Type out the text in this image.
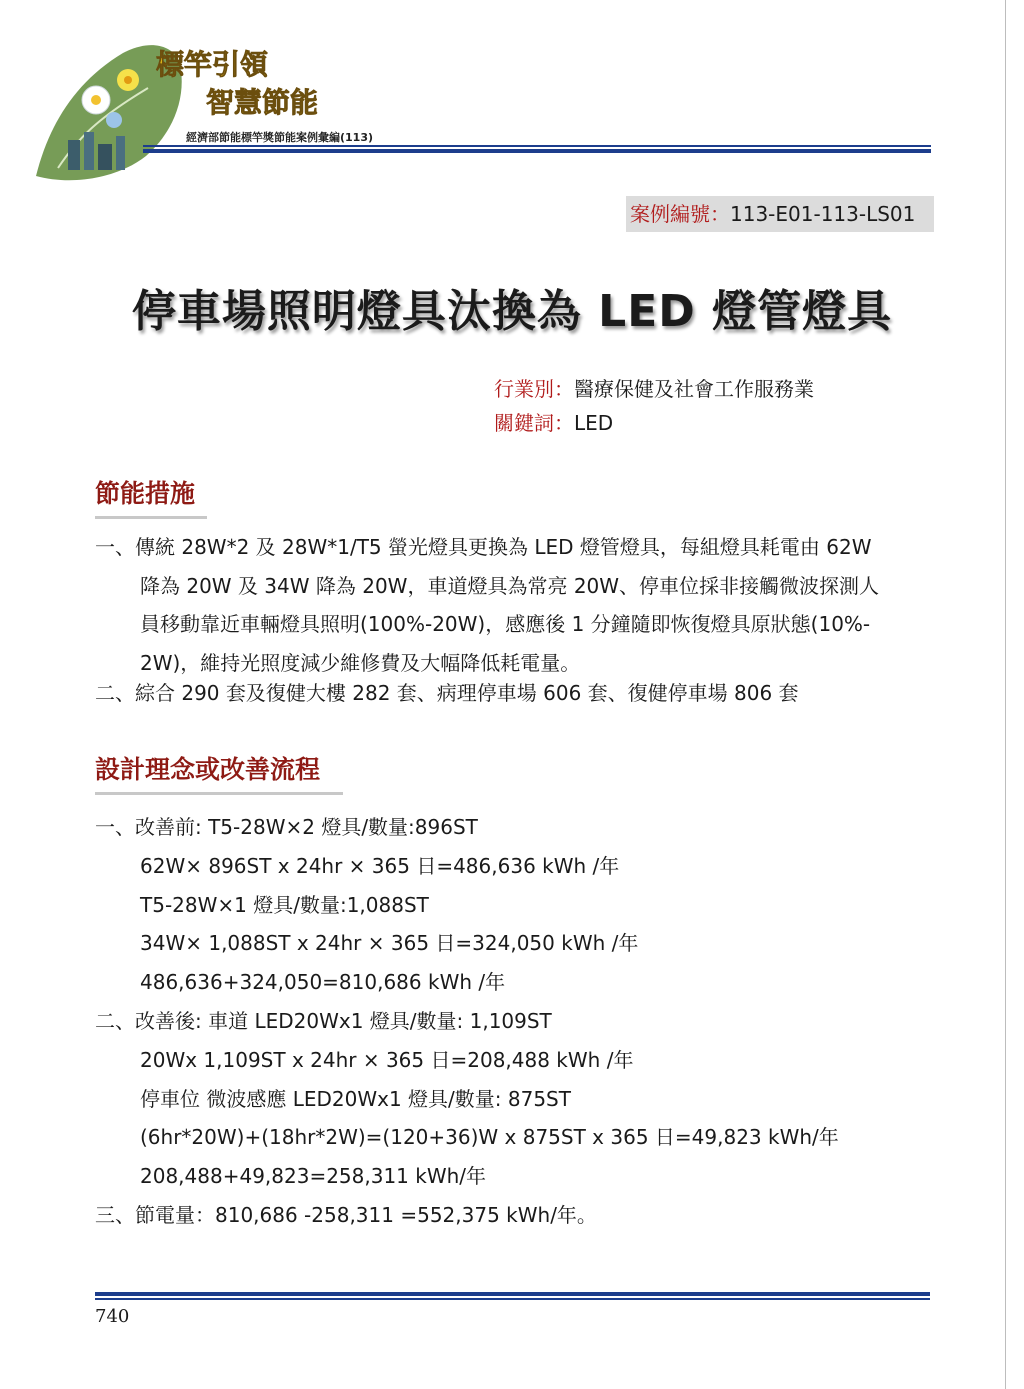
標竿引領
智慧節能
經濟部節能標竿獎節能案例彙編(113)
案例編號：113-E01-113-LS01
停車場照明燈具汰換為 LED 燈管燈具
行業別：醫療保健及社會工作服務業
關鍵詞：LED
節能措施
一、傳統 28W*2 及 28W*1/T5 螢光燈具更換為 LED 燈管燈具，每組燈具耗電由 62W
降為 20W 及 34W 降為 20W，車道燈具為常亮 20W、停車位採非接觸微波探測人
員移動靠近車輛燈具照明(100%-20W)，感應後 1 分鐘隨即恢復燈具原狀態(10%-
2W)，維持光照度減少維修費及大幅降低耗電量。
二、綜合 290 套及復健大樓 282 套、病理停車場 606 套、復健停車場 806 套
設計理念或改善流程
一、改善前: T5-28W×2 燈具/數量:896ST
62W× 896ST x 24hr × 365 日=486,636 kWh /年
T5-28W×1 燈具/數量:1,088ST
34W× 1,088ST x 24hr × 365 日=324,050 kWh /年
486,636+324,050=810,686 kWh /年
二、改善後: 車道 LED20Wx1 燈具/數量: 1,109ST
20Wx 1,109ST x 24hr × 365 日=208,488 kWh /年
停車位 微波感應 LED20Wx1 燈具/數量: 875ST
(6hr*20W)+(18hr*2W)=(120+36)W x 875ST x 365 日=49,823 kWh/年
208,488+49,823=258,311 kWh/年
三、節電量：810,686 -258,311 =552,375 kWh/年。
740
